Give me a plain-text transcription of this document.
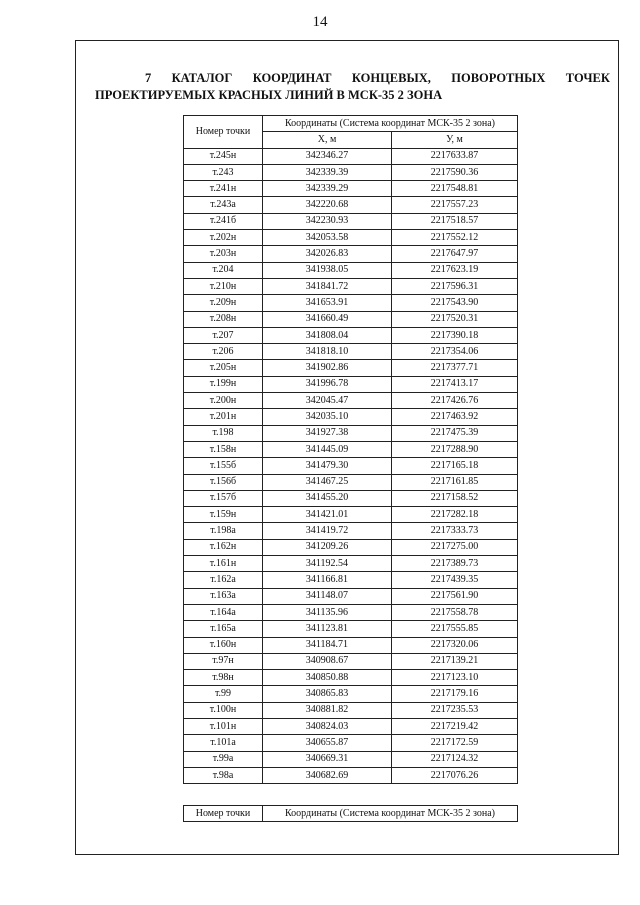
14
7 КАТАЛОГ КООРДИНАТ КОНЦЕВЫХ, ПОВОРОТНЫХ ТОЧЕК
ПРОЕКТИРУЕМЫХ КРАСНЫХ ЛИНИЙ В МСК-35 2 ЗОНА
Номер точки	Координаты (Система координат МСК-35 2 зона)	
	Х, м	У, м
т.245н	342346.27	2217633.87
т.243	342339.39	2217590.36
т.241н	342339.29	2217548.81
т.243а	342220.68	2217557.23
т.241б	342230.93	2217518.57
т.202н	342053.58	2217552.12
т.203н	342026.83	2217647.97
т.204	341938.05	2217623.19
т.210н	341841.72	2217596.31
т.209н	341653.91	2217543.90
т.208н	341660.49	2217520.31
т.207	341808.04	2217390.18
т.206	341818.10	2217354.06
т.205н	341902.86	2217377.71
т.199н	341996.78	2217413.17
т.200н	342045.47	2217426.76
т.201н	342035.10	2217463.92
т.198	341927.38	2217475.39
т.158н	341445.09	2217288.90
т.155б	341479.30	2217165.18
т.156б	341467.25	2217161.85
т.157б	341455.20	2217158.52
т.159н	341421.01	2217282.18
т.198а	341419.72	2217333.73
т.162н	341209.26	2217275.00
т.161н	341192.54	2217389.73
т.162а	341166.81	2217439.35
т.163а	341148.07	2217561.90
т.164а	341135.96	2217558.78
т.165а	341123.81	2217555.85
т.160н	341184.71	2217320.06
т.97н	340908.67	2217139.21
т.98н	340850.88	2217123.10
т.99	340865.83	2217179.16
т.100н	340881.82	2217235.53
т.101н	340824.03	2217219.42
т.101а	340655.87	2217172.59
т.99а	340669.31	2217124.32
т.98а	340682.69	2217076.26
Номер точки	Координаты (Система координат МСК-35 2 зона)
